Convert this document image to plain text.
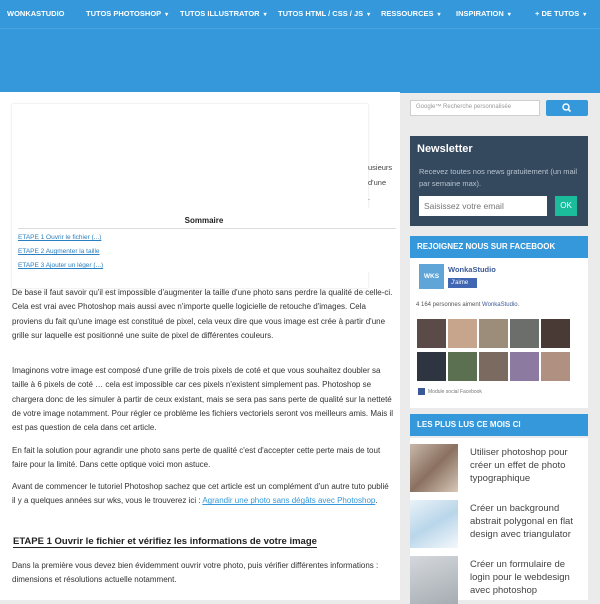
WONKASTUDIO	TUTOS PHOTOSHOP ▾ TUTOS ILLUSTRATOR ▾ TUTOS HTML / CSS / JS ▾ RESSOURCES ▾ INSPIRATION ▾	+ DE TUTOS ▾
usieurs
d'une
.
Sommaire
ETAPE 1 Ouvrir le fichier (...)
ETAPE 2 Augmenter la taille
ETAPE 3 Ajouter un léger (...)
De base il faut savoir qu'il est impossible d'augmenter la taille d'une photo sans perdre la qualité de celle-ci. Cela est vrai avec Photoshop mais aussi avec n'importe quelle logicielle de retouche d'images. Cela proviens du fait qu'une image est constitué de pixel, cela veux dire que vous image est crée à partir d'une grille sur laquelle est positionné une suite de pixel de différentes couleurs.
Imaginons votre image est composé d'une grille de trois pixels de coté et que vous souhaitez doubler sa taille à 6 pixels de coté … cela est impossible car ces pixels n'existent simplement pas. Photoshop se chargera donc de les simuler à partir de ceux existant, mais se sera pas sans perte de qualité sur la netteté de votre image notamment. Pour régler ce problème les fichiers vectoriels seront vos meilleurs amis. Mais il est pas question de cela dans cet article.
En fait la solution pour agrandir une photo sans perte de qualité c'est d'accepter cette perte mais de tout faire pour la limité. Dans cette optique voici mon astuce.
Avant de commencer le tutoriel Photoshop sachez que cet article est un complément d'un autre tuto publié il y a quelques années sur wks, vous le trouverez ici : Agrandir une photo sans dégâts avec Photoshop.
ETAPE 1 Ouvrir le fichier et vérifiez les informations de votre image
Dans la première vous devez bien évidemment ouvrir votre photo, puis vérifier différentes informations : dimensions et résolutions actuelle notamment.
Google™ Recherche personnalisée
Newsletter
Recevez toutes nos news gratuitement (un mail par semaine max).
Saisissez votre email
OK
REJOIGNEZ NOUS SUR FACEBOOK
WKS
WonkaStudio
J'aime
4 164 personnes aiment WonkaStudio.
Module social Facebook
LES PLUS LUS CE MOIS CI
Utiliser photoshop pour créer un effet de photo typographique
Créer un background abstrait polygonal en flat design avec triangulator
Créer un formulaire de login pour le webdesign avec photoshop
